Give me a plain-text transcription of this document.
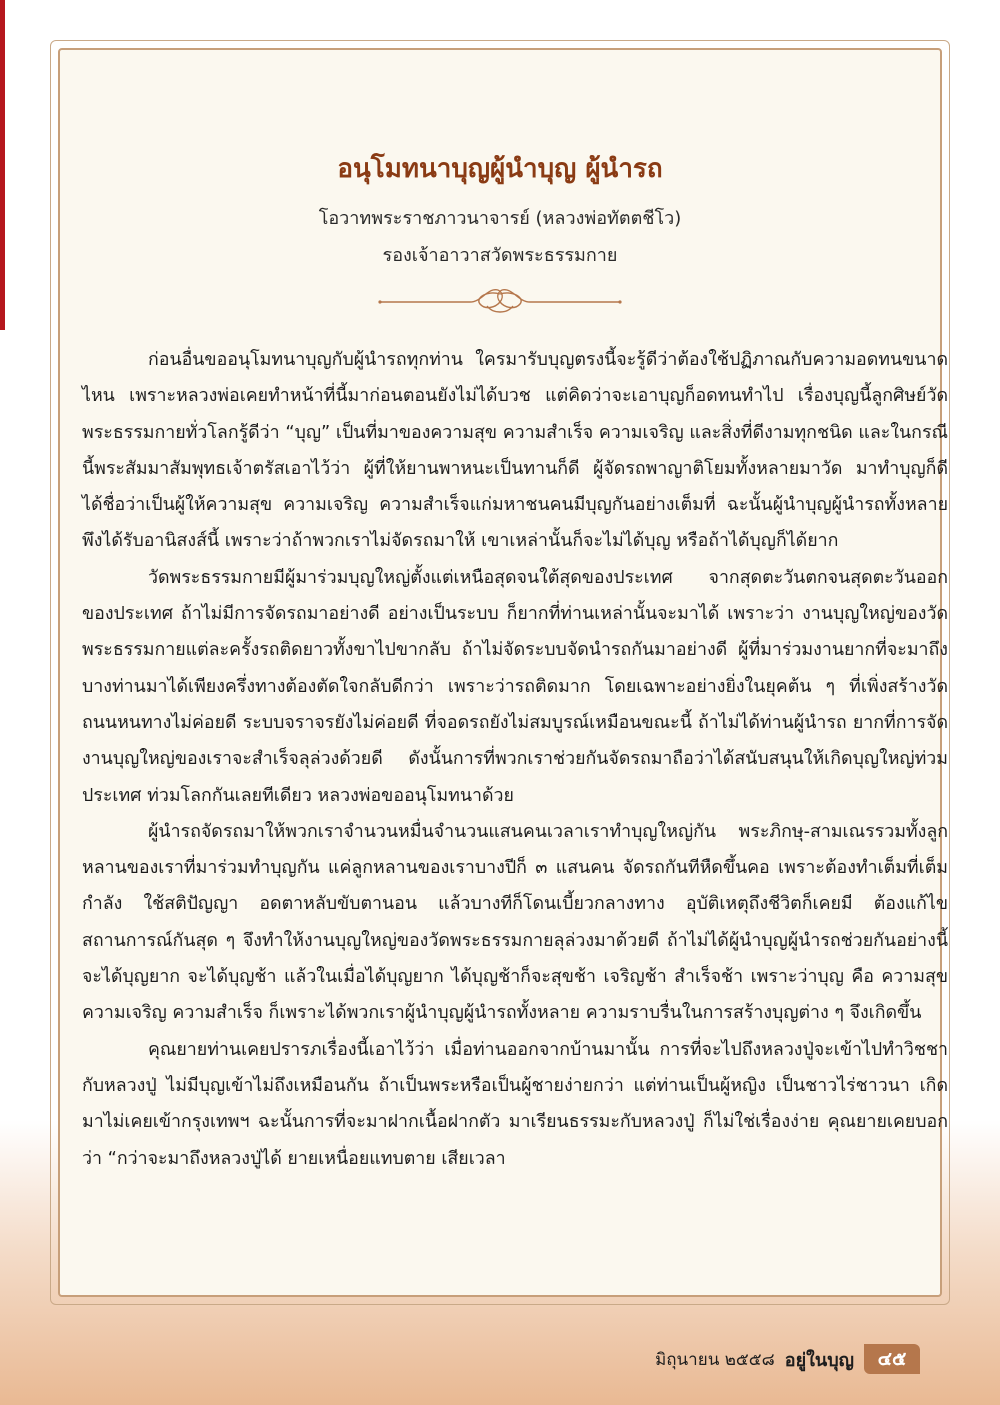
อนุโมทนาบุญผู้นำบุญ ผู้นำรถ

โอวาทพระราชภาวนาจารย์ (หลวงพ่อทัตตชีโว)

รองเจ้าอาวาสวัดพระธรรมกาย

ก่อนอื่นขออนุโมทนาบุญกับผู้นำรถทุกท่าน ใครมารับบุญตรงนี้จะรู้ดีว่าต้องใช้ปฏิภาณกับความอดทนขนาดไหน เพราะหลวงพ่อเคยทำหน้าที่นี้มาก่อนตอนยังไม่ได้บวช แต่คิดว่าจะเอาบุญก็อดทนทำไป เรื่องบุญนี้ลูกศิษย์วัดพระธรรมกายทั่วโลกรู้ดีว่า “บุญ” เป็นที่มาของความสุข ความสำเร็จ ความเจริญ และสิ่งที่ดีงามทุกชนิด และในกรณีนี้พระสัมมาสัมพุทธเจ้าตรัสเอาไว้ว่า ผู้ที่ให้ยานพาหนะเป็นทานก็ดี ผู้จัดรถพาญาติโยมทั้งหลายมาวัด มาทำบุญก็ดี ได้ชื่อว่าเป็นผู้ให้ความสุข ความเจริญ ความสำเร็จแก่มหาชนคนมีบุญกันอย่างเต็มที่ ฉะนั้นผู้นำบุญผู้นำรถทั้งหลายพึงได้รับอานิสงส์นี้ เพราะว่าถ้าพวกเราไม่จัดรถมาให้ เขาเหล่านั้นก็จะไม่ได้บุญ หรือถ้าได้บุญก็ได้ยาก

วัดพระธรรมกายมีผู้มาร่วมบุญใหญ่ตั้งแต่เหนือสุดจนใต้สุดของประเทศ จากสุดตะวันตกจนสุดตะวันออกของประเทศ ถ้าไม่มีการจัดรถมาอย่างดี อย่างเป็นระบบ ก็ยากที่ท่านเหล่านั้นจะมาได้ เพราะว่า งานบุญใหญ่ของวัดพระธรรมกายแต่ละครั้งรถติดยาวทั้งขาไปขากลับ ถ้าไม่จัดระบบจัดนำรถกันมาอย่างดี ผู้ที่มาร่วมงานยากที่จะมาถึง บางท่านมาได้เพียงครึ่งทางต้องตัดใจกลับดีกว่า เพราะว่ารถติดมาก โดยเฉพาะอย่างยิ่งในยุคต้น ๆ ที่เพิ่งสร้างวัด ถนนหนทางไม่ค่อยดี ระบบจราจรยังไม่ค่อยดี ที่จอดรถยังไม่สมบูรณ์เหมือนขณะนี้ ถ้าไม่ได้ท่านผู้นำรถ ยากที่การจัดงานบุญใหญ่ของเราจะสำเร็จลุล่วงด้วยดี ดังนั้นการที่พวกเราช่วยกันจัดรถมาถือว่าได้สนับสนุนให้เกิดบุญใหญ่ท่วมประเทศ ท่วมโลกกันเลยทีเดียว หลวงพ่อขออนุโมทนาด้วย

ผู้นำรถจัดรถมาให้พวกเราจำนวนหมื่นจำนวนแสนคนเวลาเราทำบุญใหญ่กัน พระภิกษุ-สามเณรรวมทั้งลูกหลานของเราที่มาร่วมทำบุญกัน แค่ลูกหลานของเราบางปีก็ ๓ แสนคน จัดรถกันทีหืดขึ้นคอ เพราะต้องทำเต็มที่เต็มกำลัง ใช้สติปัญญา อดตาหลับขับตานอน แล้วบางทีก็โดนเบี้ยวกลางทาง อุบัติเหตุถึงชีวิตก็เคยมี ต้องแก้ไขสถานการณ์กันสุด ๆ จึงทำให้งานบุญใหญ่ของวัดพระธรรมกายลุล่วงมาด้วยดี ถ้าไม่ได้ผู้นำบุญผู้นำรถช่วยกันอย่างนี้จะได้บุญยาก จะได้บุญช้า แล้วในเมื่อได้บุญยาก ได้บุญช้าก็จะสุขช้า เจริญช้า สำเร็จช้า เพราะว่าบุญ คือ ความสุข ความเจริญ ความสำเร็จ ก็เพราะได้พวกเราผู้นำบุญผู้นำรถทั้งหลาย ความราบรื่นในการสร้างบุญต่าง ๆ จึงเกิดขึ้น

คุณยายท่านเคยปรารภเรื่องนี้เอาไว้ว่า เมื่อท่านออกจากบ้านมานั้น การที่จะไปถึงหลวงปู่จะเข้าไปทำวิชชากับหลวงปู่ ไม่มีบุญเข้าไม่ถึงเหมือนกัน ถ้าเป็นพระหรือเป็นผู้ชายง่ายกว่า แต่ท่านเป็นผู้หญิง เป็นชาวไร่ชาวนา เกิดมาไม่เคยเข้ากรุงเทพฯ ฉะนั้นการที่จะมาฝากเนื้อฝากตัว มาเรียนธรรมะกับหลวงปู่ ก็ไม่ใช่เรื่องง่าย คุณยายเคยบอกว่า “กว่าจะมาถึงหลวงปู่ได้ ยายเหนื่อยแทบตาย เสียเวลา

มิถุนายน ๒๕๕๘ อยู่ในบุญ	๔๕
